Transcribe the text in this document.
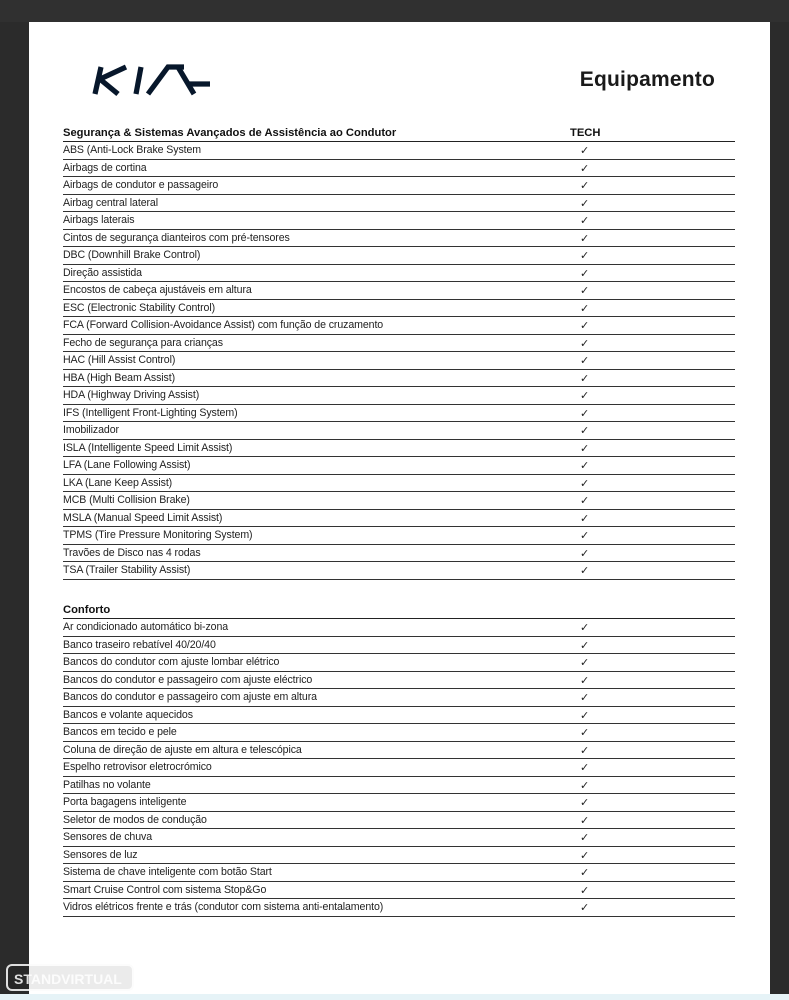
Equipamento
Segurança & Sistemas Avançados de Assistência ao Condutor	TECH
ABS (Anti-Lock Brake System	✓
Airbags de cortina	✓
Airbags de condutor e passageiro	✓
Airbag central lateral	✓
Airbags laterais	✓
Cintos de segurança dianteiros com pré-tensores	✓
DBC (Downhill Brake Control)	✓
Direção assistida	✓
Encostos de cabeça ajustáveis em altura	✓
ESC (Electronic Stability Control)	✓
FCA (Forward Collision-Avoidance Assist) com função de cruzamento	✓
Fecho de segurança para crianças	✓
HAC (Hill Assist Control)	✓
HBA (High Beam Assist)	✓
HDA (Highway Driving Assist)	✓
IFS (Intelligent Front-Lighting System)	✓
Imobilizador	✓
ISLA (Intelligente Speed Limit Assist)	✓
LFA (Lane Following Assist)	✓
LKA (Lane Keep Assist)	✓
MCB (Multi Collision Brake)	✓
MSLA (Manual Speed Limit Assist)	✓
TPMS (Tire Pressure Monitoring System)	✓
Travões de Disco nas 4 rodas	✓
TSA (Trailer Stability Assist)	✓
Conforto
Ar condicionado automático bi-zona	✓
Banco traseiro rebatível 40/20/40	✓
Bancos do condutor com ajuste lombar elétrico	✓
Bancos do condutor e passageiro com ajuste eléctrico	✓
Bancos do condutor e passageiro com ajuste em altura	✓
Bancos e volante aquecidos	✓
Bancos em tecido e pele	✓
Coluna de direção de ajuste em altura e telescópica	✓
Espelho retrovisor eletrocrómico	✓
Patilhas no volante	✓
Porta bagagens inteligente	✓
Seletor de modos de condução	✓
Sensores de chuva	✓
Sensores de luz	✓
Sistema de chave inteligente com botão Start	✓
Smart Cruise Control com sistema Stop&Go	✓
Vidros elétricos frente e trás (condutor com sistema anti-entalamento)	✓
STANDVIRTUAL
